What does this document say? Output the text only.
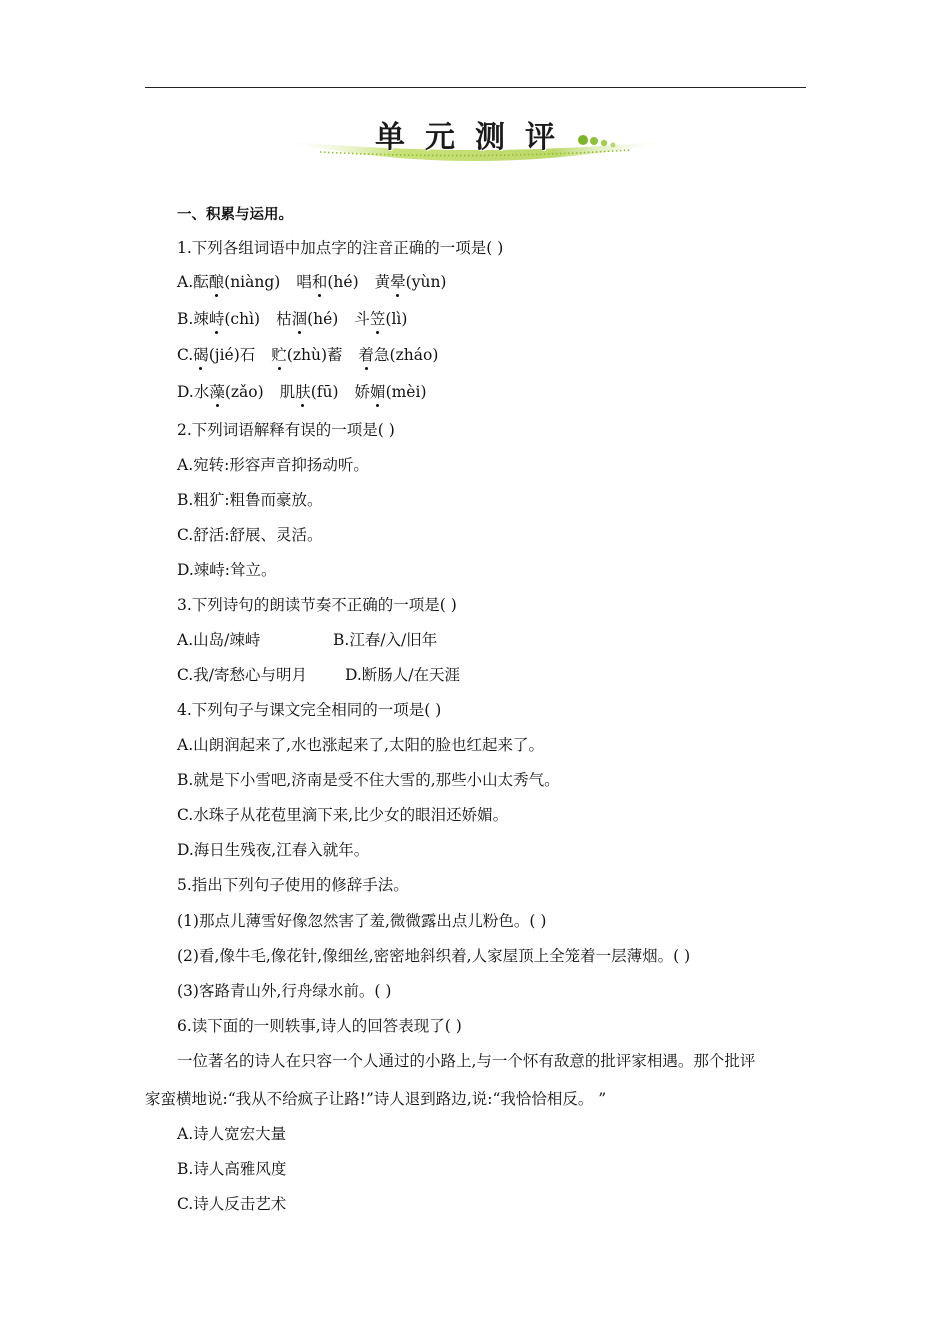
单元测评
一、积累与运用。
1.下列各组词语中加点字的注音正确的一项是( )
A.酝酿(niàng) 唱和(hé) 黄晕(yùn)
B.竦峙(chì) 枯涸(hé) 斗笠(lì)
C.碣(jié)石 贮(zhù)蓄 着急(zháo)
D.水藻(zǎo) 肌肤(fū) 娇媚(mèi)
2.下列词语解释有误的一项是( )
A.宛转:形容声音抑扬动听。
B.粗犷:粗鲁而豪放。
C.舒活:舒展、灵活。
D.竦峙:耸立。
3.下列诗句的朗读节奏不正确的一项是( )
A.山岛/竦峙	B.江春/入/旧年
C.我/寄愁心与明月 D.断肠人/在天涯
4.下列句子与课文完全相同的一项是( )
A.山朗润起来了,水也涨起来了,太阳的脸也红起来了。
B.就是下小雪吧,济南是受不住大雪的,那些小山太秀气。
C.水珠子从花苞里滴下来,比少女的眼泪还娇媚。
D.海日生残夜,江春入就年。
5.指出下列句子使用的修辞手法。
(1)那点儿薄雪好像忽然害了羞,微微露出点儿粉色。( )
(2)看,像牛毛,像花针,像细丝,密密地斜织着,人家屋顶上全笼着一层薄烟。( )
(3)客路青山外,行舟绿水前。( )
6.读下面的一则轶事,诗人的回答表现了( )
一位著名的诗人在只容一个人通过的小路上,与一个怀有敌意的批评家相遇。那个批评
家蛮横地说:“我从不给疯子让路!”诗人退到路边,说:“我恰恰相反。 ”
A.诗人宽宏大量
B.诗人高雅风度
C.诗人反击艺术
